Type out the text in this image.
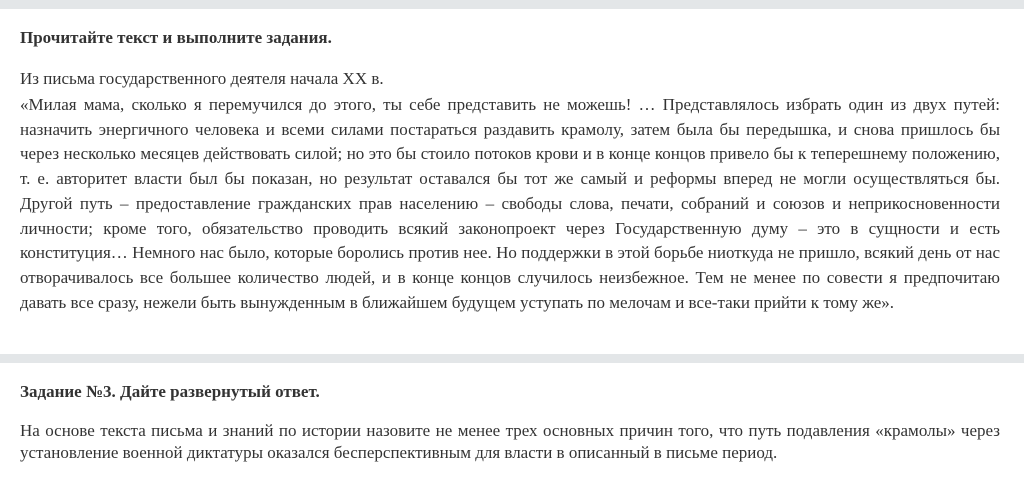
Прочитайте текст и выполните задания.
Из письма государственного деятеля начала XX в.

«Милая мама, сколько я перемучился до этого, ты себе представить не можешь! … Представлялось избрать один из двух путей: назначить энергичного человека и всеми силами постараться раздавить крамолу, затем была бы передышка, и снова пришлось бы через несколько месяцев действовать силой; но это бы стоило потоков крови и в конце концов привело бы к теперешнему положению, т. е. авторитет власти был бы показан, но результат оставался бы тот же самый и реформы вперед не могли осуществляться бы. Другой путь – предоставление гражданских прав населению – свободы слова, печати, собраний и союзов и неприкосновенности личности; кроме того, обязательство проводить всякий законопроект через Государственную думу – это в сущности и есть конституция… Немного нас было, которые боролись против нее. Но поддержки в этой борьбе ниоткуда не пришло, всякий день от нас отворачивалось все большее количество людей, и в конце концов случилось неизбежное. Тем не менее по совести я предпочитаю давать все сразу, нежели быть вынужденным в ближайшем будущем уступать по мелочам и все-таки прийти к тому же».

Задание №3. Дайте развернутый ответ.

На основе текста письма и знаний по истории назовите не менее трех основных причин того, что путь подавления «крамолы» через установление военной диктатуры оказался бесперспективным для власти в описанный в письме период.
